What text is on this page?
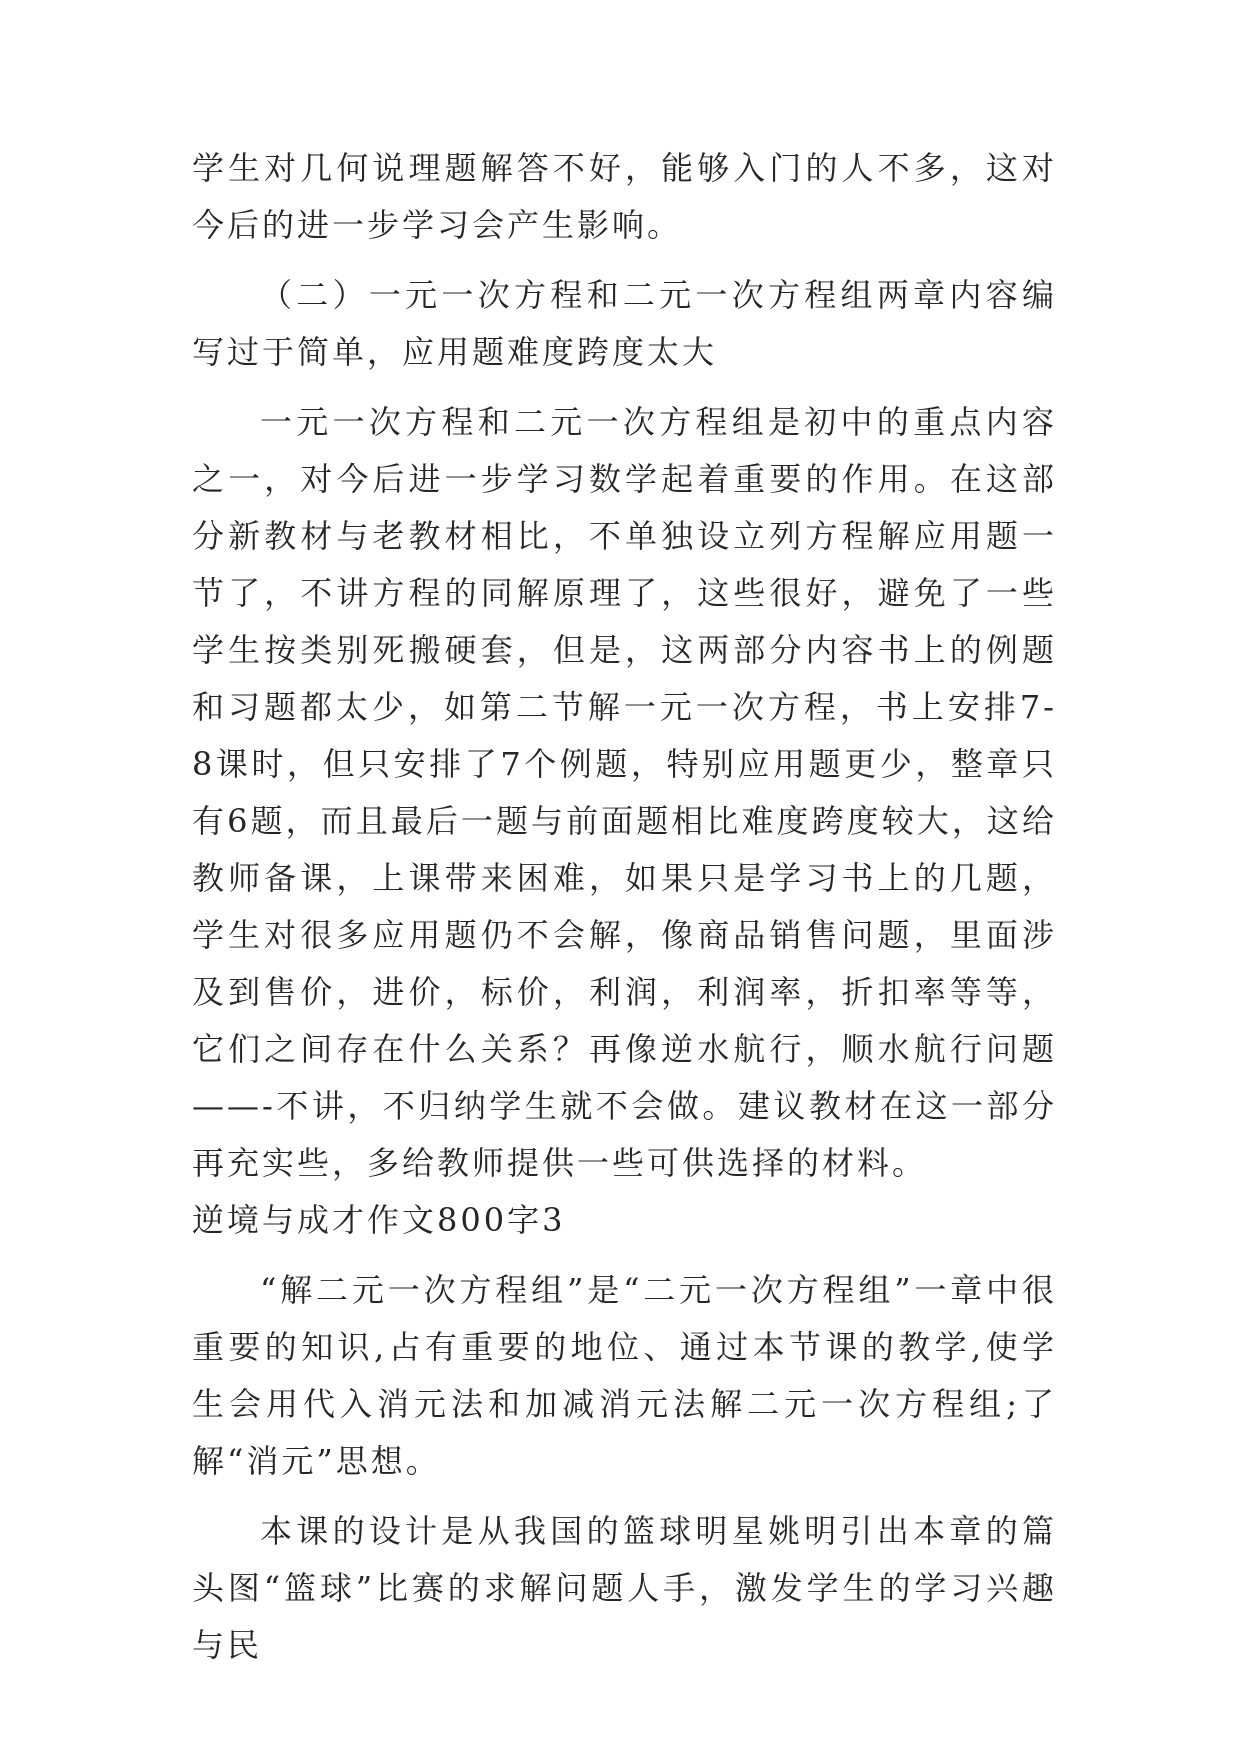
学生对几何说理题解答不好，能够入门的人不多，这对今后的进一步学习会产生影响。

（二）一元一次方程和二元一次方程组两章内容编写过于简单，应用题难度跨度太大

一元一次方程和二元一次方程组是初中的重点内容之一，对今后进一步学习数学起着重要的作用。在这部分新教材与老教材相比，不单独设立列方程解应用题一节了，不讲方程的同解原理了，这些很好，避免了一些学生按类别死搬硬套，但是，这两部分内容书上的例题和习题都太少，如第二节解一元一次方程，书上安排7-8课时，但只安排了7个例题，特别应用题更少，整章只有6题，而且最后一题与前面题相比难度跨度较大，这给教师备课，上课带来困难，如果只是学习书上的几题，学生对很多应用题仍不会解，像商品销售问题，里面涉及到售价，进价，标价，利润，利润率，折扣率等等，它们之间存在什么关系？再像逆水航行，顺水航行问题——-不讲，不归纳学生就不会做。建议教材在这一部分再充实些，多给教师提供一些可供选择的材料。

逆境与成才作文800字3

“解二元一次方程组”是“二元一次方程组”一章中很重要的知识,占有重要的地位、通过本节课的教学,使学生会用代入消元法和加减消元法解二元一次方程组;了解“消元”思想。

本课的设计是从我国的篮球明星姚明引出本章的篇头图“篮球”比赛的求解问题人手，激发学生的学习兴趣与民
